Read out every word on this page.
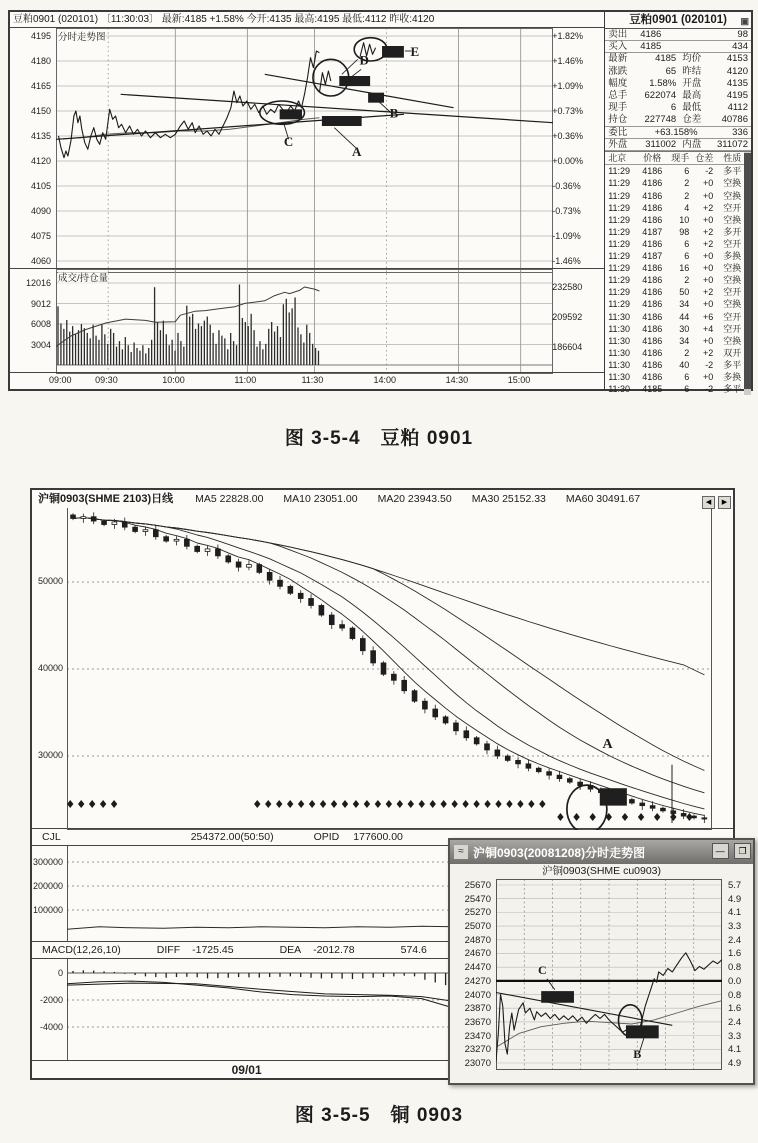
豆粕0901 (020101) 〔11:30:03〕 最新:4185 +1.58% 今开:4135 最高:4195 最低:4112 昨收:4120
分时走势图
4195
4180
4165
4150
4135
4120
4105
4090
4075
4060
C
A
B
D
E
+1.82%
+1.46%
+1.09%
+0.73%
+0.36%
+0.00%
-0.36%
-0.73%
-1.09%
-1.46%
成交/持仓量
12016
9012
6008
3004
232580
209592
186604
09:00	09:30	10:00	11:00	11:30	14:00	14:30	15:00
豆粕0901 (020101) ▣
卖出	4186	98
买入	4185	434
最新	4185 均价	4153
涨跌	65 昨结	4120
幅度	1.58% 开盘	4135
总手	622074 最高	4195
现手	6 最低	4112
持仓	227748 仓差	40786
委比	+63.158%	336
外盘	311002 内盘	311072
北京	价格	现手 仓差	性质
11:29	4186	6	-2	多平
11:29	4186	2	+0	空换
11:29	4186	2	+0	空换
11:29	4186	4	+2	空开
11:29	4186	10	+0	空换
11:29	4187	98	+2	多开
11:29	4186	6	+2	空开
11:29	4187	6	+0	多换
11:29	4186	16	+0	空换
11:29	4186	2	+0	空换
11:29	4186	50	+2	空开
11:29	4186	34	+0	空换
11:30	4186	44	+6	空开
11:30	4186	30	+4	空开
11:30	4186	34	+0	空换
11:30	4186	2	+2	双开
11:30	4186	40	-2	多平
11:30	4186	6	+0	多换
11:30	4185	6	-2	多平
图 3-5-4　豆粕 0901
沪铜0903(SHME 2103)日线 MA5 22828.00 MA10 23051.00 MA20 23943.50 MA30 25152.33 MA60 30491.67	◀ ▶
50000
40000
30000
A
CJL	254372.00(50:50)	OPID 177600.00
300000
200000
100000
MACD(12,26,10)	DIFF -1725.45	DEA -2012.78	574.6
0
-2000
-4000
09/01
≈ 沪铜0903(20081208)分时走势图	— ❐
沪铜0903(SHME cu0903)
25670
25470
25270
25070
24870
24670
24470
24270
24070
23870
23670
23470
23270
23070
C
B
5.7
4.9
4.1
3.3
2.4
1.6
0.8
0.0
0.8
1.6
2.4
3.3
4.1
4.9
图 3-5-5　铜 0903
